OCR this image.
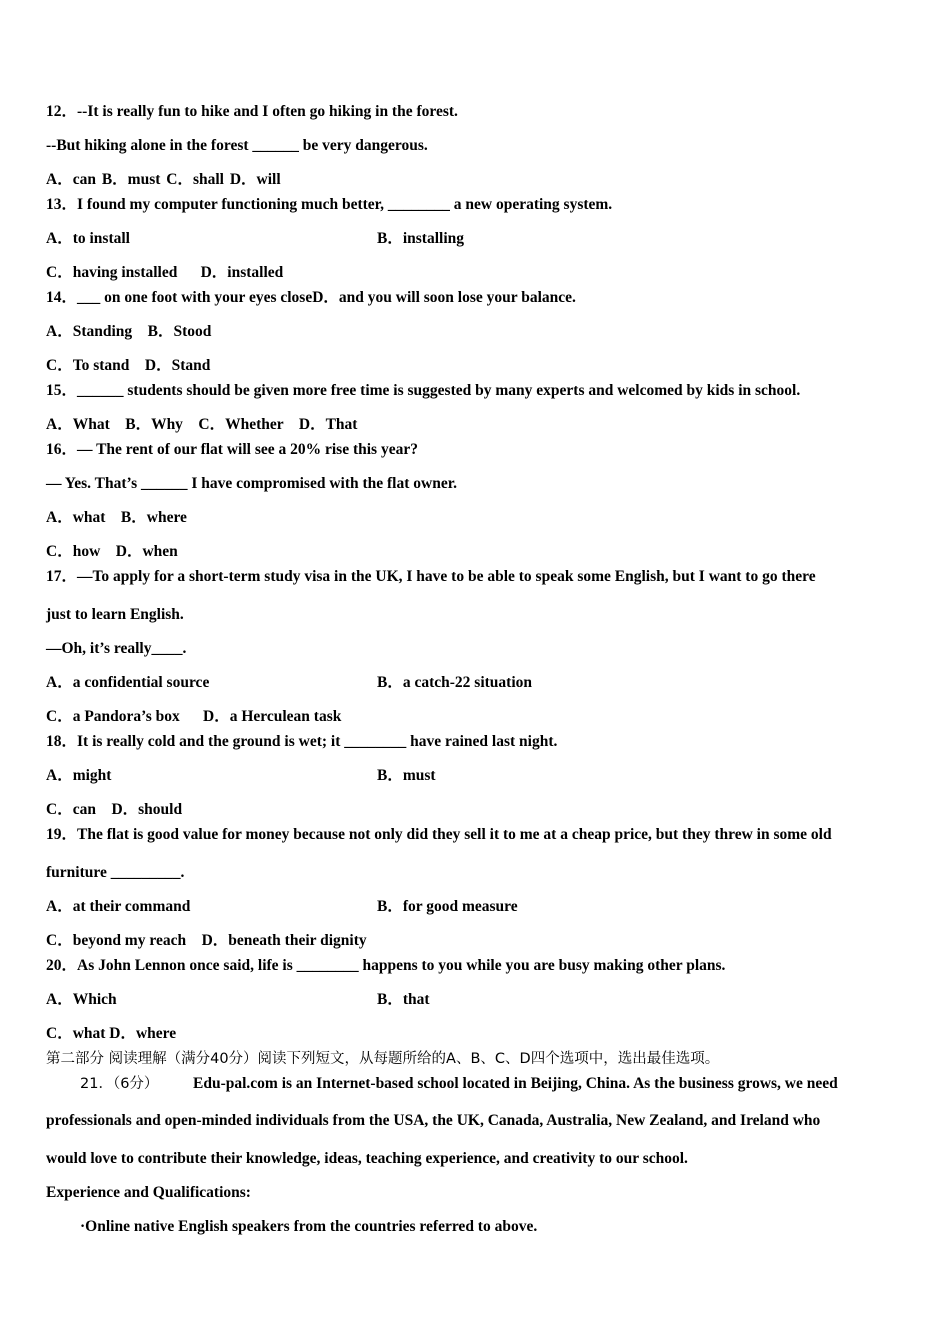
12．--It is really fun to hike and I often go hiking in the forest.
--But hiking alone in the forest ______ be very dangerous.
A．can B．must C．shall D．will
13．I found my computer functioning much better, ________ a new operating system.
A．to install	B．installing
C．having installed      D．installed
14．___ on one foot with your eyes closeD．and you will soon lose your balance.
A．Standing    B．Stood
C．To stand    D．Stand
15．______ students should be given more free time is suggested by many experts and welcomed by kids in school.
A．What    B．Why    C．Whether    D．That
16．— The rent of our flat will see a 20% rise this year?
— Yes. That’s ______ I have compromised with the flat owner.
A．what    B．where
C．how    D．when
17．—To apply for a short-term study visa in the UK, I have to be able to speak some English, but I want to go there
just to learn English.
—Oh, it’s really____.
A．a confidential source	B．a catch-22 situation
C．a Pandora’s box      D．a Herculean task
18．It is really cold and the ground is wet; it ________ have rained last night.
A．might	B．must
C．can    D．should
19．The flat is good value for money because not only did they sell it to me at a cheap price, but they threw in some old
furniture _________.
A．at their command	B．for good measure
C．beyond my reach    D．beneath their dignity
20．As John Lennon once said, life is ________ happens to you while you are busy making other plans.
A．Which	B．that
C．what D．where
第二部分 阅读理解（满分40分）阅读下列短文，从每题所给的A、B、C、D四个选项中，选出最佳选项。
21．（6分） Edu-pal.com is an Internet-based school located in Beijing, China. As the business grows, we need
professionals and open-minded individuals from the USA, the UK, Canada, Australia, New Zealand, and Ireland who
would love to contribute their knowledge, ideas, teaching experience, and creativity to our school.
Experience and Qualifications:
·Online native English speakers from the countries referred to above.
